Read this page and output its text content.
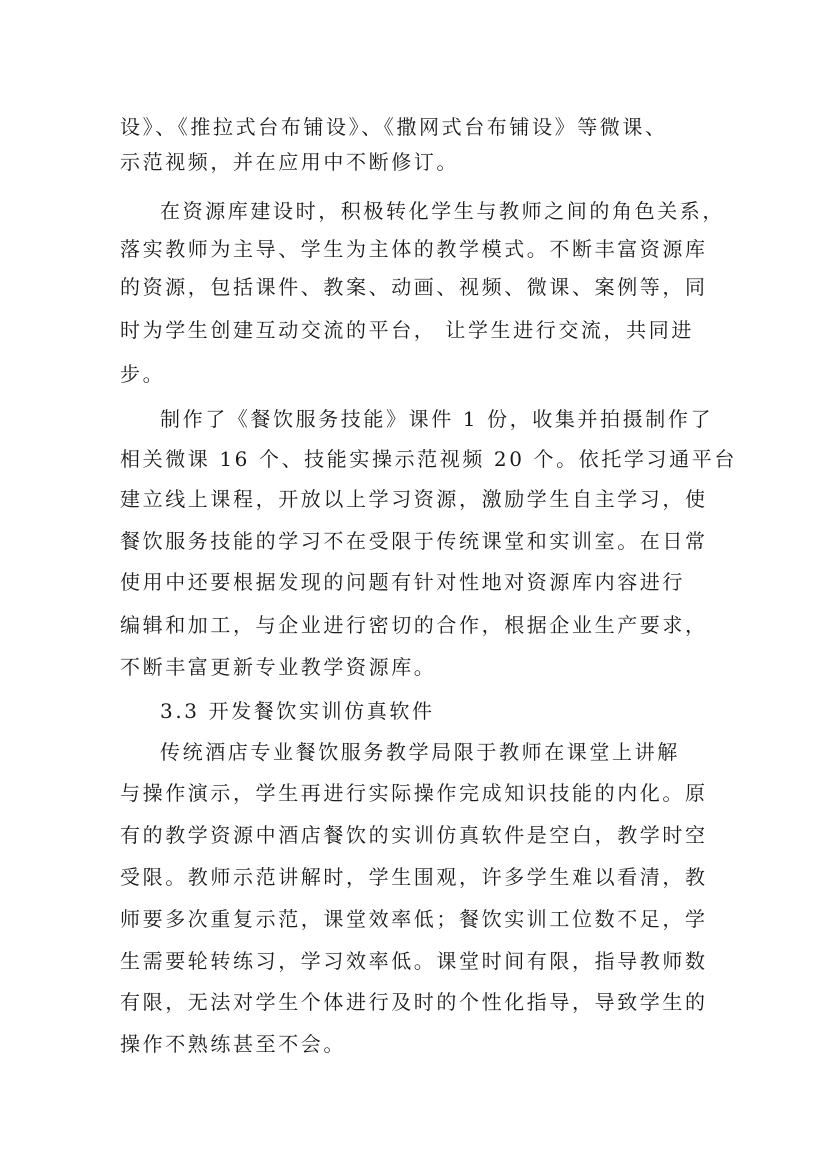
设》、《推拉式台布铺设》、《撒网式台布铺设》等微课、
示范视频，并在应用中不断修订。
在资源库建设时，积极转化学生与教师之间的角色关系，
落实教师为主导、学生为主体的教学模式。不断丰富资源库
的资源，包括课件、教案、动画、视频、微课、案例等，同
时为学生创建互动交流的平台， 让学生进行交流，共同进
步。
制作了《餐饮服务技能》课件 1 份，收集并拍摄制作了
相关微课 16 个、技能实操示范视频 20 个。依托学习通平台
建立线上课程，开放以上学习资源，激励学生自主学习，使
餐饮服务技能的学习不在受限于传统课堂和实训室。在日常
使用中还要根据发现的问题有针对性地对资源库内容进行
编辑和加工，与企业进行密切的合作，根据企业生产要求，
不断丰富更新专业教学资源库。
3.3 开发餐饮实训仿真软件
传统酒店专业餐饮服务教学局限于教师在课堂上讲解
与操作演示，学生再进行实际操作完成知识技能的内化。原
有的教学资源中酒店餐饮的实训仿真软件是空白，教学时空
受限。教师示范讲解时，学生围观，许多学生难以看清，教
师要多次重复示范，课堂效率低；餐饮实训工位数不足，学
生需要轮转练习，学习效率低。课堂时间有限，指导教师数
有限，无法对学生个体进行及时的个性化指导，导致学生的
操作不熟练甚至不会。
